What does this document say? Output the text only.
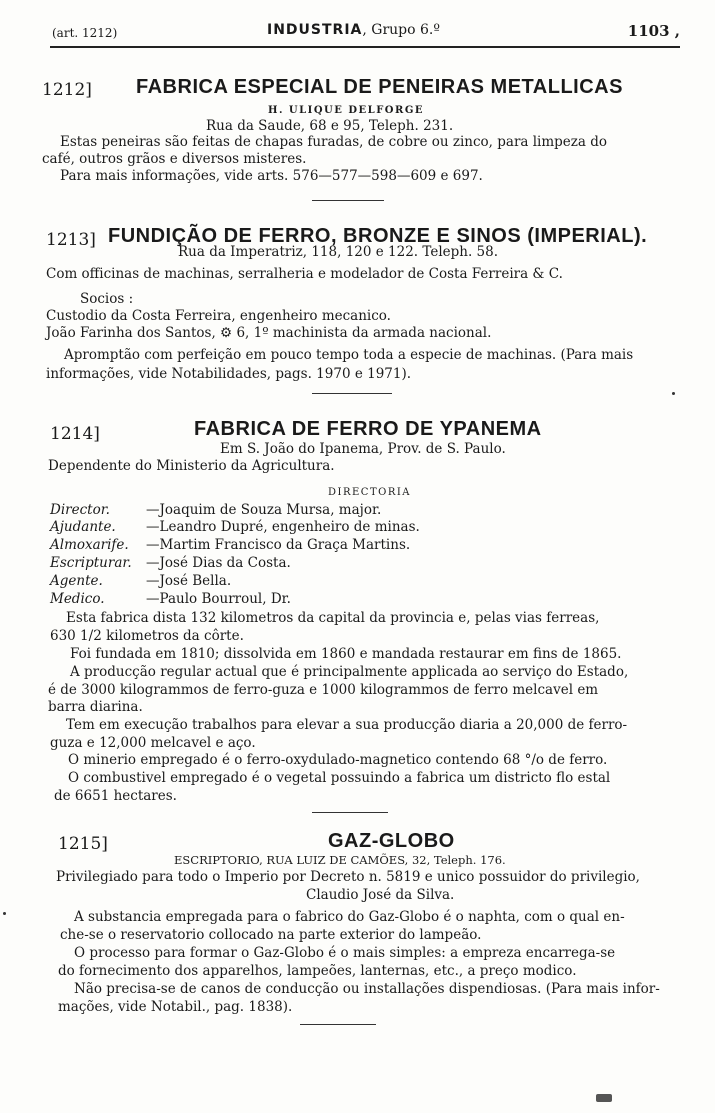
(art. 1212)	INDUSTRIA, Grupo 6.º	1103 ,
1212] FABRICA ESPECIAL DE PENEIRAS METALLICAS
H. ULIQUE DELFORGE
Rua da Saude, 68 e 95, Teleph. 231.
Estas peneiras são feitas de chapas furadas, de cobre ou zinco, para limpeza do
café, outros grãos e diversos misteres.
Para mais informações, vide arts. 576—577—598—609 e 697.
1213] FUNDIÇÃO DE FERRO, BRONZE E SINOS (IMPERIAL).
Rua da Imperatriz, 118, 120 e 122. Teleph. 58.
Com officinas de machinas, serralheria e modelador de Costa Ferreira & C.
Socios :
Custodio da Costa Ferreira, engenheiro mecanico.
João Farinha dos Santos, ⚙ 6, 1º machinista da armada nacional.
Apromptão com perfeição em pouco tempo toda a especie de machinas. (Para mais
informações, vide Notabilidades, pags. 1970 e 1971).
1214]	FABRICA DE FERRO DE YPANEMA
Em S. João do Ipanema, Prov. de S. Paulo.
Dependente do Ministerio da Agricultura.
DIRECTORIA
Director.	—Joaquim de Souza Mursa, major.
Ajudante. —Leandro Dupré, engenheiro de minas.
Almoxarife. —Martim Francisco da Graça Martins.
Escripturar. —José Dias da Costa.
Agente.	—José Bella.
Medico.	—Paulo Bourroul, Dr.
Esta fabrica dista 132 kilometros da capital da provincia e, pelas vias ferreas,
630 1/2 kilometros da côrte.
Foi fundada em 1810; dissolvida em 1860 e mandada restaurar em fins de 1865.
A producção regular actual que é principalmente applicada ao serviço do Estado,
é de 3000 kilogrammos de ferro-guza e 1000 kilogrammos de ferro melcavel em
barra diarina.
Tem em execução trabalhos para elevar a sua producção diaria a 20,000 de ferro-
guza e 12,000 melcavel e aço.
O minerio empregado é o ferro-oxydulado-magnetico contendo 68 °/o de ferro.
O combustivel empregado é o vegetal possuindo a fabrica um districto flo estal
de 6651 hectares.
1215]	GAZ-GLOBO
ESCRIPTORIO, RUA LUIZ DE CAMÕES, 32, Teleph. 176.
Privilegiado para todo o Imperio por Decreto n. 5819 e unico possuidor do privilegio,
Claudio José da Silva.
A substancia empregada para o fabrico do Gaz-Globo é o naphta, com o qual en-
che-se o reservatorio collocado na parte exterior do lampeão.
O processo para formar o Gaz-Globo é o mais simples: a empreza encarrega-se
do fornecimento dos apparelhos, lampeões, lanternas, etc., a preço modico.
Não precisa-se de canos de conducção ou installações dispendiosas. (Para mais infor-
mações, vide Notabil., pag. 1838).
